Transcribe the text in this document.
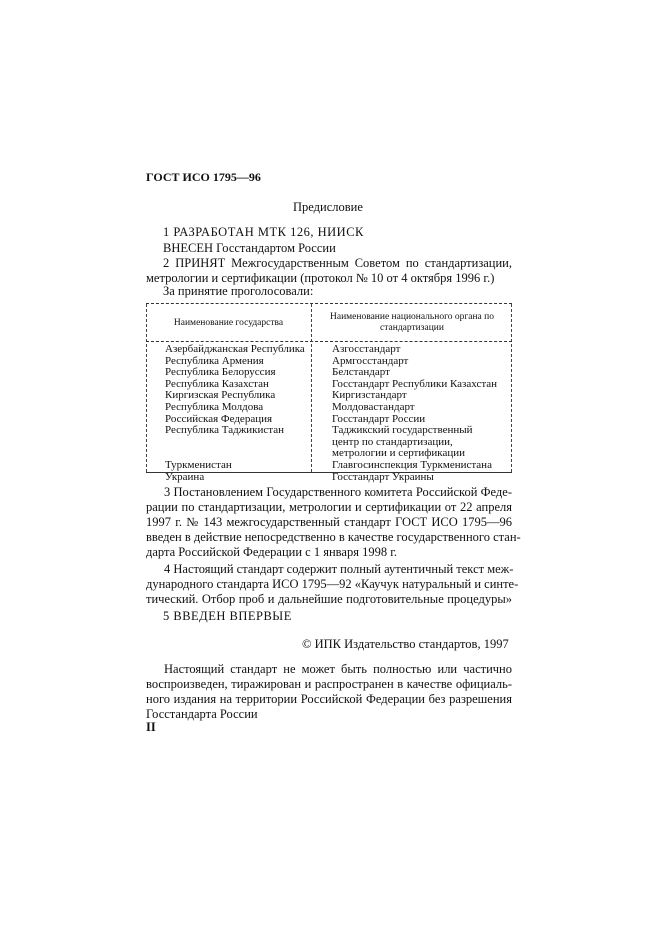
ГОСТ ИСО 1795—96
Предисловие
1 РАЗРАБОТАН МТК 126, НИИСК
ВНЕСЕН Госстандартом России
2 ПРИНЯТ Межгосударственным Советом по стандартизации,
метрологии и сертификации (протокол № 10 от 4 октября 1996 г.)
За принятие проголосовали:
Наименование государства
Наименование национального органа по
стандартизации
Азербайджанская Республика
Республика Армения
Республика Белоруссия
Республика Казахстан
Киргизская Республика
Республика Молдова
Российская Федерация
Республика Таджикистан

Туркменистан
Украина
Азгосстандарт
Армгосстандарт
Белстандарт
Госстандарт Республики Казахстан
Киргизстандарт
Молдовастандарт
Госстандарт России
Таджикский государственный
центр по стандартизации,
метрологии и сертификации
Главгосинспекция Туркменистана
Госстандарт Украины
3 Постановлением Государственного комитета Российской Феде-
рации по стандартизации, метрологии и сертификации от 22 апреля
1997 г. № 143 межгосударственный стандарт ГОСТ ИСО 1795—96
введен в действие непосредственно в качестве государственного стан-
дарта Российской Федерации с 1 января 1998 г.
4 Настоящий стандарт содержит полный аутентичный текст меж-
дународного стандарта ИСО 1795—92 «Каучук натуральный и синте-
тический. Отбор проб и дальнейшие подготовительные процедуры»
5 ВВЕДЕН ВПЕРВЫЕ
© ИПК Издательство стандартов, 1997
Настоящий стандарт не может быть полностью или частично
воспроизведен, тиражирован и распространен в качестве официаль-
ного издания на территории Российской Федерации без разрешения
Госстандарта России
II
